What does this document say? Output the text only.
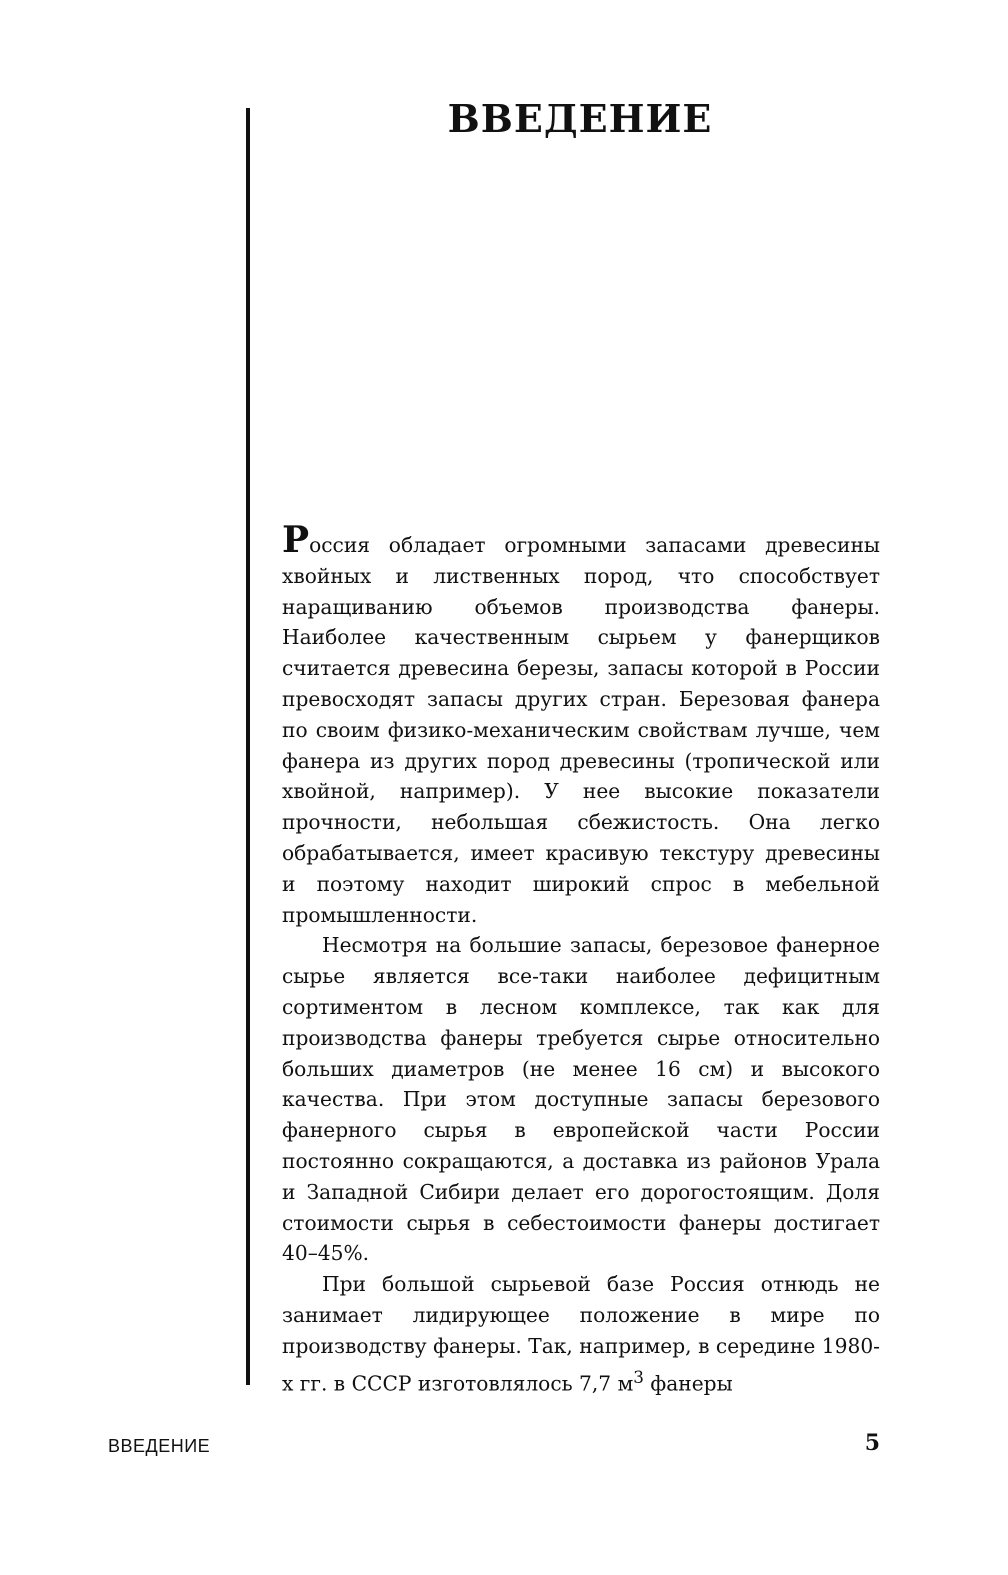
ВВЕДЕНИЕ

Россия обладает огромными запасами древесины хвойных и лиственных пород, что способствует наращиванию объемов производства фанеры. Наиболее качественным сырьем у фанерщиков считается древесина березы, запасы которой в России превосходят запасы других стран. Березовая фанера по своим физико-механическим свойствам лучше, чем фанера из других пород древесины (тропической или хвойной, например). У нее высокие показатели прочности, небольшая сбежистость. Она легко обрабатывается, имеет красивую текстуру древесины и поэтому находит широкий спрос в мебельной промышленности.

Несмотря на большие запасы, березовое фанерное сырье является все-таки наиболее дефицитным сортиментом в лесном комплексе, так как для производства фанеры требуется сырье относительно больших диаметров (не менее 16 см) и высокого качества. При этом доступные запасы березового фанерного сырья в европейской части России постоянно сокращаются, а доставка из районов Урала и Западной Сибири делает его дорогостоящим. Доля стоимости сырья в себестоимости фанеры достигает 40–45%.

При большой сырьевой базе Россия отнюдь не занимает лидирующее положение в мире по производству фанеры. Так, например, в середине 1980-х гг. в СССР изготовлялось 7,7 $м^3$ фанеры

ВВЕДЕНИЕ	5
